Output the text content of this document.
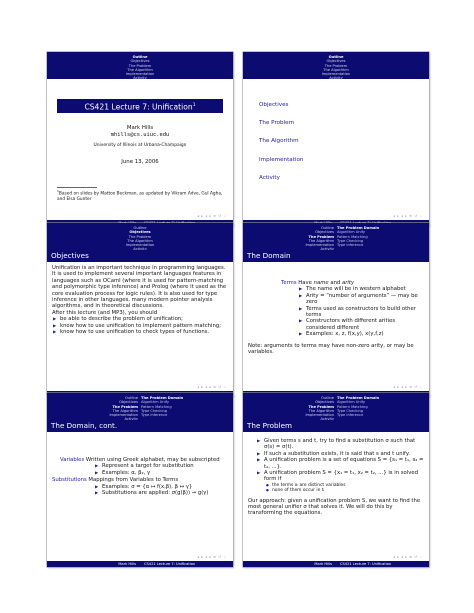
Outline
Objectives
The Problem
The Algorithm
Implementation
Activity
CS421 Lecture 7: Unification$^1$
Mark Hills
mhills@cs.uiuc.edu
University of Illinois at Urbana-Champaign
June 13, 2006
$^1$Based on slides by Mattox Beckman, as updated by Vikram Adve, Gul Agha, and Elsa Gunter
◂ ▸ ◂ ▸ ≡ ↺ ∽
Outline
Objectives
The Problem
The Algorithm
Implementation
Activity
Objectives
The Problem
The Algorithm
Implementation
Activity
◂ ▸ ◂ ▸ ≡ ↺ ∽
Outline
Objectives
The Problem
The Algorithm
Implementation
Objectives
Unification is an important technique in programming languages. It is used to implement several important languages features in languages such as OCaml (where it is used for pattern-matching and polymorphic type inference) and Prolog (where it used as the core evaluation process for logic rules). It is also used for type inference in other languages, many modern pointer analysis algorithms, and in theoretical discussions.
After this lecture (and MP3), you should
▶ be able to describe the problem of unification;
▶ know how to use unification to implement pattern matching;
▶ know how to use unification to check types of functions.
◂ ▸ ◂ ▸ ≡ ↺ ∽
Outline
Objectives
The Problem
The Algorithm
Implementation
The Problem Domain
Algorithm Unify
Pattern Matching
Type Checking
Type Inference
The Domain
Terms Have name and arity
▶ The name will be in western alphabet
▶ Arity = “number of arguments” — may be zero
▶ Terms used as constructors to build other terms
▶ Constructors with different arities considered different
▶ Examples: x, z, f(x,y), x(y,f,z)
Note: arguments to terms may have non-zero arity, or may be variables.
◂ ▸ ◂ ▸ ≡ ↺ ∽
Outline
Objectives
The Problem
The Algorithm
Implementation
The Problem Domain
Algorithm Unify
Pattern Matching
Type Checking
Type Inference
The Domain, cont.
Variables Written using Greek alphabet, may be subscripted
▶ Represent a target for substitution
▶ Examples: α, β₂, γ
Substitutions Mappings from Variables to Terms
▶ Examples: σ = {α ↦ f(x,β), β ↦ γ}
▶ Substitutions are applied: σ(g(β)) → g(γ)
Mark Hills	CS421 Lecture 7: Unification
◂ ▸ ◂ ▸ ≡ ↺ ∽
Outline
Objectives
The Problem
The Algorithm
Implementation
The Problem Domain
Algorithm Unify
Pattern Matching
Type Checking
Type Inference
The Problem
▶ Given terms s and t, try to find a substitution σ such that σ(s) = σ(t).
▶ If such a substitution exists, it is said that s and t unify.
▶ A unification problem is a set of equations S = {s₁ = t₁, s₂ = t₂, ...}.
▶ A unification problem S = {x₁ = t₁, x₂ = t₂, ...} is in solved form if
● the terms xᵢ are distinct variables
● none of them occur in tᵢ
Our approach: given a unification problem S, we want to find the most general unifier σ that solves it. We will do this by transforming the equations.
Mark Hills	CS421 Lecture 7: Unification
◂ ▸ ◂ ▸ ≡ ↺ ∽
